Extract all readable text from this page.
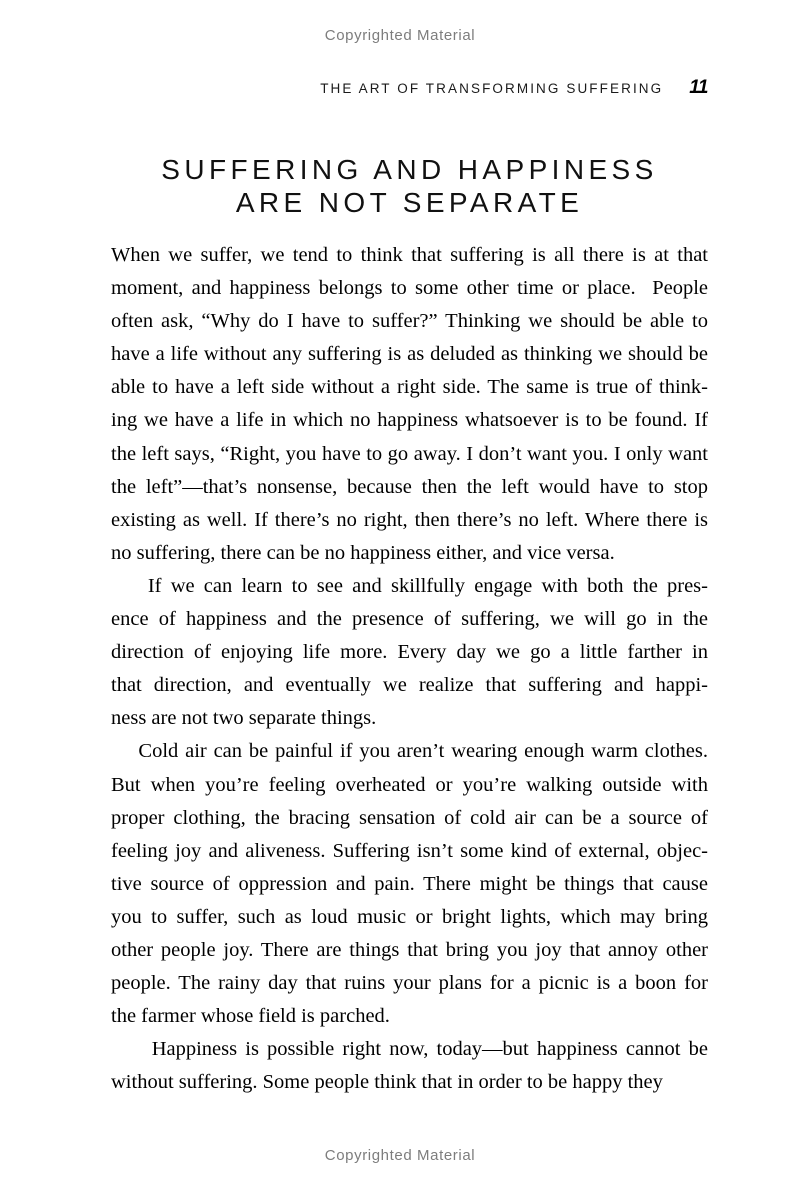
Copyrighted Material
THE ART OF TRANSFORMING SUFFERING 11
SUFFERING AND HAPPINESS
ARE NOT SEPARATE

When we suffer, we tend to think that suffering is all there is at that
moment, and happiness belongs to some other time or place.  People
often ask, “Why do I have to suffer?” Thinking we should be able to
have a life without any suffering is as deluded as thinking we should be
able to have a left side without a right side. The same is true of think-
ing we have a life in which no happiness whatsoever is to be found. If
the left says, “Right, you have to go away. I don’t want you. I only want
the left”—that’s nonsense, because then the left would have to stop
existing as well. If there’s no right, then there’s no left. Where there is
no suffering, there can be no happiness either, and vice versa.

If we can learn to see and skillfully engage with both the pres-
ence of happiness and the presence of suffering, we will go in the
direction of enjoying life more. Every day we go a little farther in
that direction, and eventually we realize that suffering and happi-
ness are not two separate things.

Cold air can be painful if you aren’t wearing enough warm clothes.
But when you’re feeling overheated or you’re walking outside with
proper clothing, the bracing sensation of cold air can be a source of
feeling joy and aliveness. Suffering isn’t some kind of external, objec-
tive source of oppression and pain. There might be things that cause
you to suffer, such as loud music or bright lights, which may bring
other people joy. There are things that bring you joy that annoy other
people. The rainy day that ruins your plans for a picnic is a boon for
the farmer whose field is parched.

Happiness is possible right now, today—but happiness cannot be
without suffering. Some people think that in order to be happy they

Copyrighted Material
